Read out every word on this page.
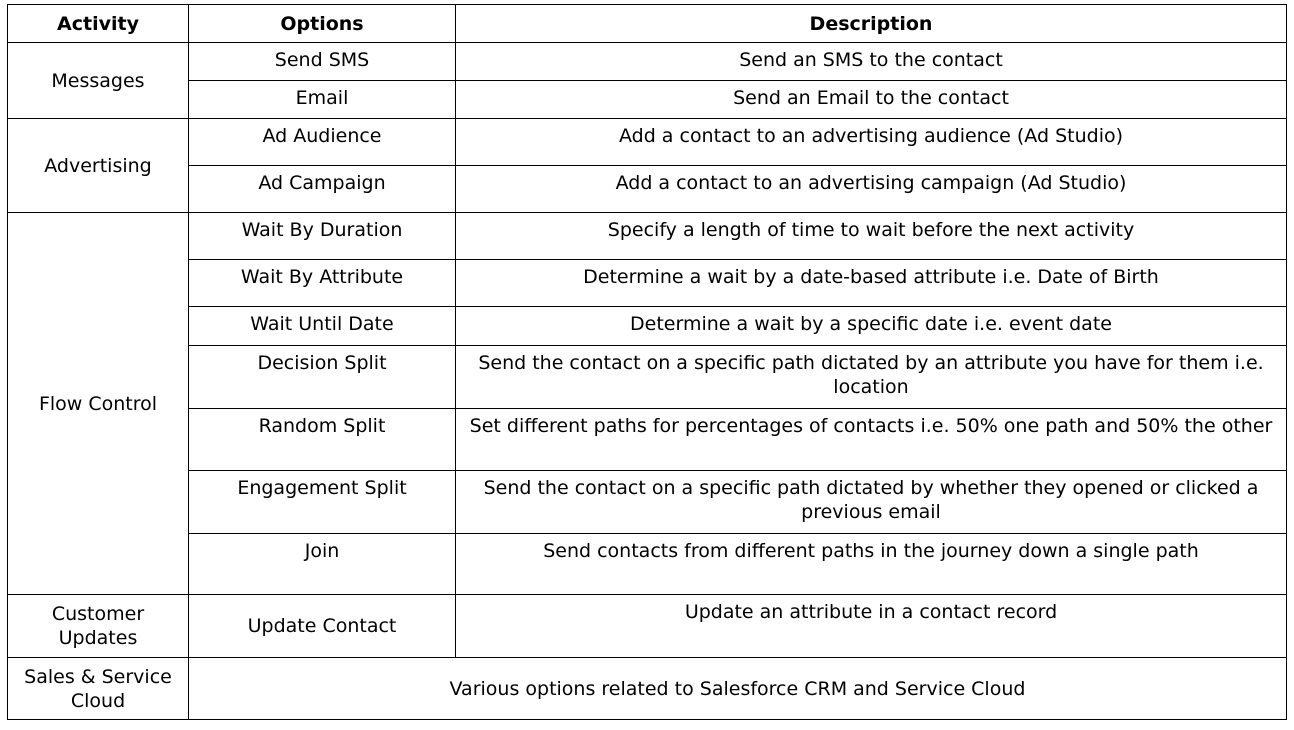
Activity	Options	Description
Messages	Send SMS	Send an SMS to the contact
	Email	Send an Email to the contact
Advertising	Ad Audience	Add a contact to an advertising audience (Ad Studio)
	Ad Campaign	Add a contact to an advertising campaign (Ad Studio)
Flow Control	Wait By Duration	Specify a length of time to wait before the next activity
	Wait By Attribute	Determine a wait by a date-based attribute i.e. Date of Birth
	Wait Until Date	Determine a wait by a specific date i.e. event date
	Decision Split	Send the contact on a specific path dictated by an attribute you have for them i.e. location
	Random Split	Set different paths for percentages of contacts i.e. 50% one path and 50% the other
	Engagement Split	Send the contact on a specific path dictated by whether they opened or clicked a previous email
	Join	Send contacts from different paths in the journey down a single path
Customer Updates	Update Contact	Update an attribute in a contact record
Sales & Service Cloud	Various options related to Salesforce CRM and Service Cloud	
